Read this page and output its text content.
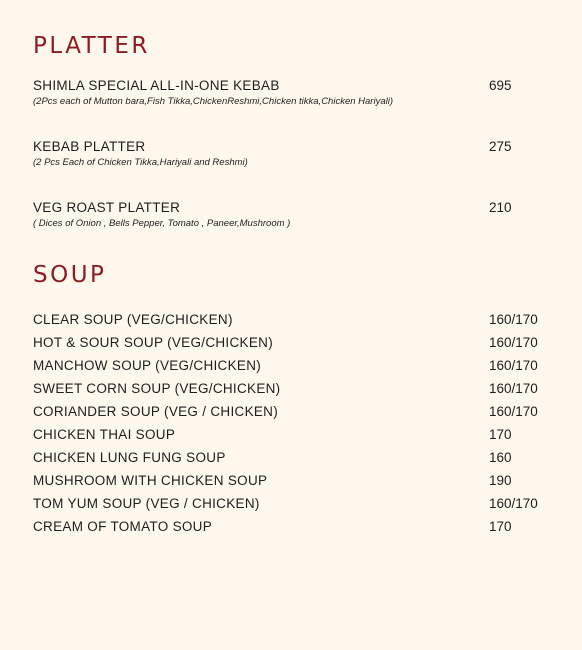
PLATTER
SHIMLA SPECIAL ALL-IN-ONE KEBAB	695
(2Pcs each of Mutton bara,Fish Tikka,ChickenReshmi,Chicken tikka,Chicken Hariyali)
KEBAB PLATTER	275
(2 Pcs Each of Chicken Tikka,Hariyali and Reshmi)
VEG ROAST PLATTER	210
( Dices of Onion , Bells Pepper, Tomato , Paneer,Mushroom )
SOUP
CLEAR SOUP (VEG/CHICKEN)	160/170
HOT & SOUR SOUP (VEG/CHICKEN)	160/170
MANCHOW SOUP (VEG/CHICKEN)	160/170
SWEET CORN SOUP (VEG/CHICKEN)	160/170
CORIANDER SOUP (VEG / CHICKEN)	160/170
CHICKEN THAI SOUP	170
CHICKEN LUNG FUNG SOUP	160
MUSHROOM WITH CHICKEN SOUP	190
TOM YUM SOUP (VEG / CHICKEN)	160/170
CREAM OF TOMATO SOUP	170
